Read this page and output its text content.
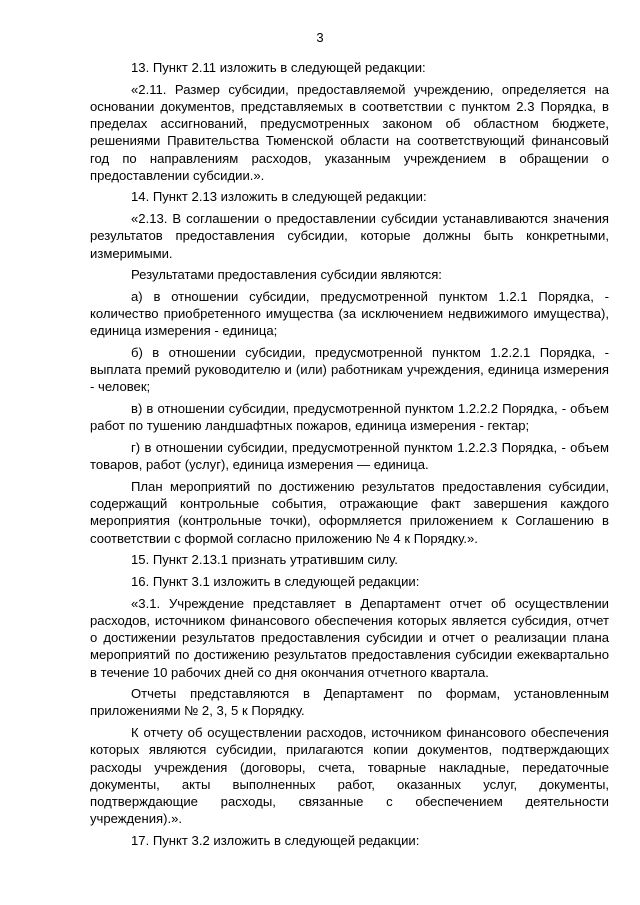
3

13. Пункт 2.11 изложить в следующей редакции:

«2.11. Размер субсидии, предоставляемой учреждению, определяется на основании документов, представляемых в соответствии с пунктом 2.3 Порядка, в пределах ассигнований, предусмотренных законом об областном бюджете, решениями Правительства Тюменской области на соответствующий финансовый год по направлениям расходов, указанным учреждением в обращении о предоставлении субсидии.».

14. Пункт 2.13 изложить в следующей редакции:

«2.13. В соглашении о предоставлении субсидии устанавливаются значения результатов предоставления субсидии, которые должны быть конкретными, измеримыми.

Результатами предоставления субсидии являются:

а) в отношении субсидии, предусмотренной пунктом 1.2.1 Порядка, - количество приобретенного имущества (за исключением недвижимого имущества), единица измерения - единица;

б) в отношении субсидии, предусмотренной пунктом 1.2.2.1 Порядка, - выплата премий руководителю и (или) работникам учреждения, единица измерения - человек;

в) в отношении субсидии, предусмотренной пунктом 1.2.2.2 Порядка, - объем работ по тушению ландшафтных пожаров, единица измерения - гектар;

г) в отношении субсидии, предусмотренной пунктом 1.2.2.3 Порядка, - объем товаров, работ (услуг), единица измерения — единица.

План мероприятий по достижению результатов предоставления субсидии, содержащий контрольные события, отражающие факт завершения каждого мероприятия (контрольные точки), оформляется приложением к Соглашению в соответствии с формой согласно приложению № 4 к Порядку.».

15. Пункт 2.13.1 признать утратившим силу.

16. Пункт 3.1 изложить в следующей редакции:

«3.1. Учреждение представляет в Департамент отчет об осуществлении расходов, источником финансового обеспечения которых является субсидия, отчет о достижении результатов предоставления субсидии и отчет о реализации плана мероприятий по достижению результатов предоставления субсидии ежеквартально в течение 10 рабочих дней со дня окончания отчетного квартала.

Отчеты представляются в Департамент по формам, установленным приложениями № 2, 3, 5 к Порядку.

К отчету об осуществлении расходов, источником финансового обеспечения которых являются субсидии, прилагаются копии документов, подтверждающих расходы учреждения (договоры, счета, товарные накладные, передаточные документы, акты выполненных работ, оказанных услуг, документы, подтверждающие расходы, связанные с обеспечением деятельности учреждения).».

17. Пункт 3.2 изложить в следующей редакции:
